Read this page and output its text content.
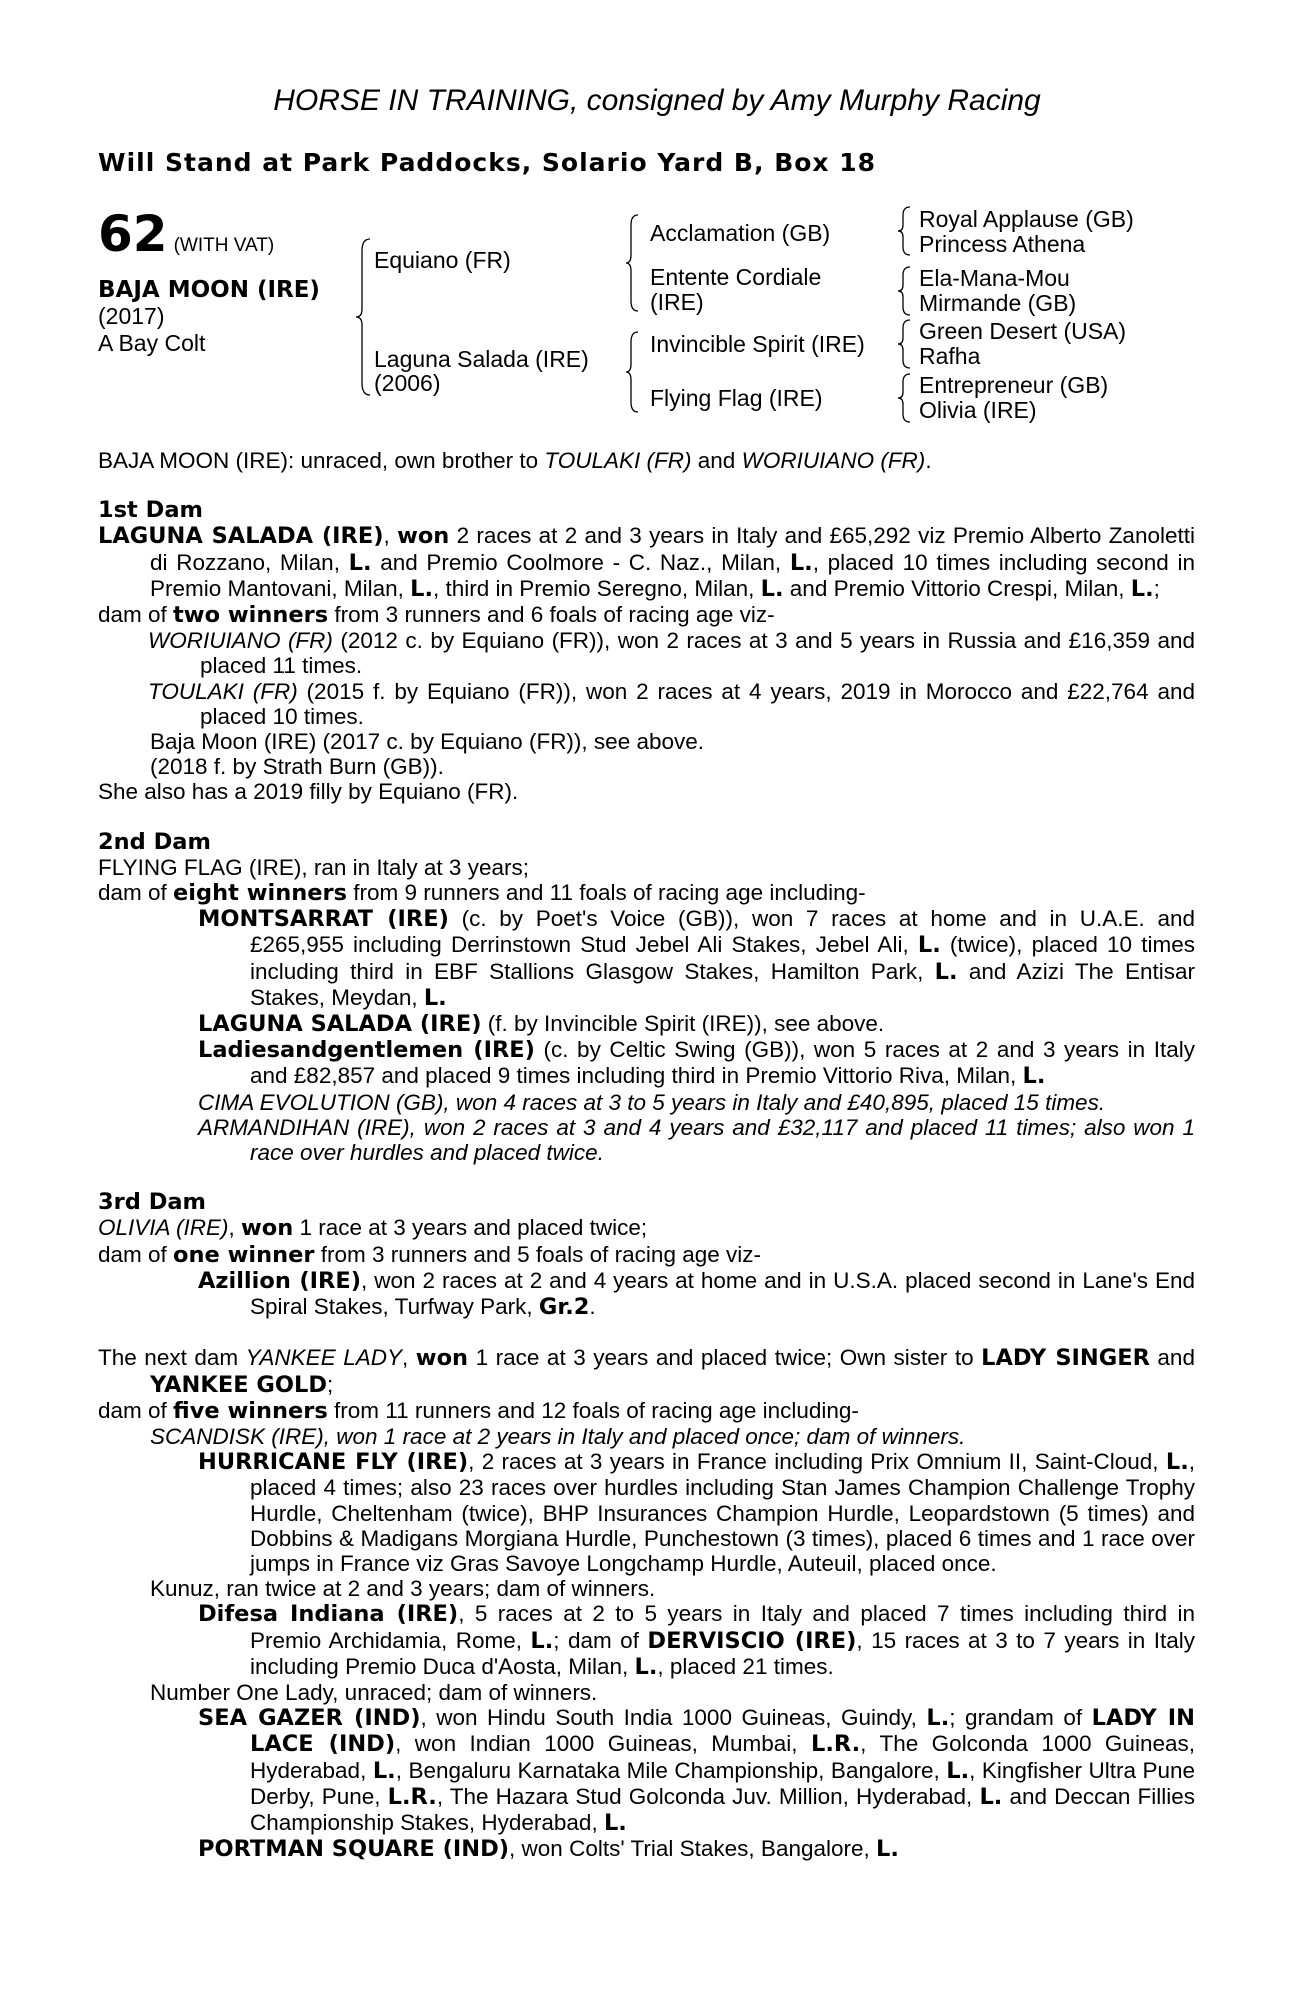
HORSE IN TRAINING, consigned by Amy Murphy Racing
Will Stand at Park Paddocks, Solario Yard B, Box 18
62 (WITH VAT)
BAJA MOON (IRE)
(2017)
A Bay Colt
Equiano (FR)
Laguna Salada (IRE)
(2006)
Acclamation (GB)
Entente Cordiale
(IRE)
Invincible Spirit (IRE)
Flying Flag (IRE)
Royal Applause (GB)
Princess Athena
Ela-Mana-Mou
Mirmande (GB)
Green Desert (USA)
Rafha
Entrepreneur (GB)
Olivia (IRE)

BAJA MOON (IRE): unraced, own brother to TOULAKI (FR) and WORIUIANO (FR).

1st Dam

LAGUNA SALADA (IRE), won 2 races at 2 and 3 years in Italy and £65,292 viz Premio Alberto Zanoletti di Rozzano, Milan, L. and Premio Coolmore - C. Naz., Milan, L., placed 10 times including second in Premio Mantovani, Milan, L., third in Premio Seregno, Milan, L. and Premio Vittorio Crespi, Milan, L.;

dam of two winners from 3 runners and 6 foals of racing age viz-

WORIUIANO (FR) (2012 c. by Equiano (FR)), won 2 races at 3 and 5 years in Russia and £16,359 and placed 11 times.

TOULAKI (FR) (2015 f. by Equiano (FR)), won 2 races at 4 years, 2019 in Morocco and £22,764 and placed 10 times.

Baja Moon (IRE) (2017 c. by Equiano (FR)), see above.

(2018 f. by Strath Burn (GB)).

She also has a 2019 filly by Equiano (FR).

2nd Dam

FLYING FLAG (IRE), ran in Italy at 3 years;

dam of eight winners from 9 runners and 11 foals of racing age including-

MONTSARRAT (IRE) (c. by Poet's Voice (GB)), won 7 races at home and in U.A.E. and £265,955 including Derrinstown Stud Jebel Ali Stakes, Jebel Ali, L. (twice), placed 10 times including third in EBF Stallions Glasgow Stakes, Hamilton Park, L. and Azizi The Entisar Stakes, Meydan, L.

LAGUNA SALADA (IRE) (f. by Invincible Spirit (IRE)), see above.

Ladiesandgentlemen (IRE) (c. by Celtic Swing (GB)), won 5 races at 2 and 3 years in Italy and £82,857 and placed 9 times including third in Premio Vittorio Riva, Milan, L.

CIMA EVOLUTION (GB), won 4 races at 3 to 5 years in Italy and £40,895, placed 15 times.

ARMANDIHAN (IRE), won 2 races at 3 and 4 years and £32,117 and placed 11 times; also won 1 race over hurdles and placed twice.

3rd Dam

OLIVIA (IRE), won 1 race at 3 years and placed twice;

dam of one winner from 3 runners and 5 foals of racing age viz-

Azillion (IRE), won 2 races at 2 and 4 years at home and in U.S.A. placed second in Lane's End Spiral Stakes, Turfway Park, Gr.2.

The next dam YANKEE LADY, won 1 race at 3 years and placed twice; Own sister to LADY SINGER and YANKEE GOLD;

dam of five winners from 11 runners and 12 foals of racing age including-

SCANDISK (IRE), won 1 race at 2 years in Italy and placed once; dam of winners.

HURRICANE FLY (IRE), 2 races at 3 years in France including Prix Omnium II, Saint-Cloud, L., placed 4 times; also 23 races over hurdles including Stan James Champion Challenge Trophy Hurdle, Cheltenham (twice), BHP Insurances Champion Hurdle, Leopardstown (5 times) and Dobbins & Madigans Morgiana Hurdle, Punchestown (3 times), placed 6 times and 1 race over jumps in France viz Gras Savoye Longchamp Hurdle, Auteuil, placed once.

Kunuz, ran twice at 2 and 3 years; dam of winners.

Difesa Indiana (IRE), 5 races at 2 to 5 years in Italy and placed 7 times including third in Premio Archidamia, Rome, L.; dam of DERVISCIO (IRE), 15 races at 3 to 7 years in Italy including Premio Duca d'Aosta, Milan, L., placed 21 times.

Number One Lady, unraced; dam of winners.

SEA GAZER (IND), won Hindu South India 1000 Guineas, Guindy, L.; grandam of LADY IN LACE (IND), won Indian 1000 Guineas, Mumbai, L.R., The Golconda 1000 Guineas, Hyderabad, L., Bengaluru Karnataka Mile Championship, Bangalore, L., Kingfisher Ultra Pune Derby, Pune, L.R., The Hazara Stud Golconda Juv. Million, Hyderabad, L. and Deccan Fillies Championship Stakes, Hyderabad, L.

PORTMAN SQUARE (IND), won Colts' Trial Stakes, Bangalore, L.
